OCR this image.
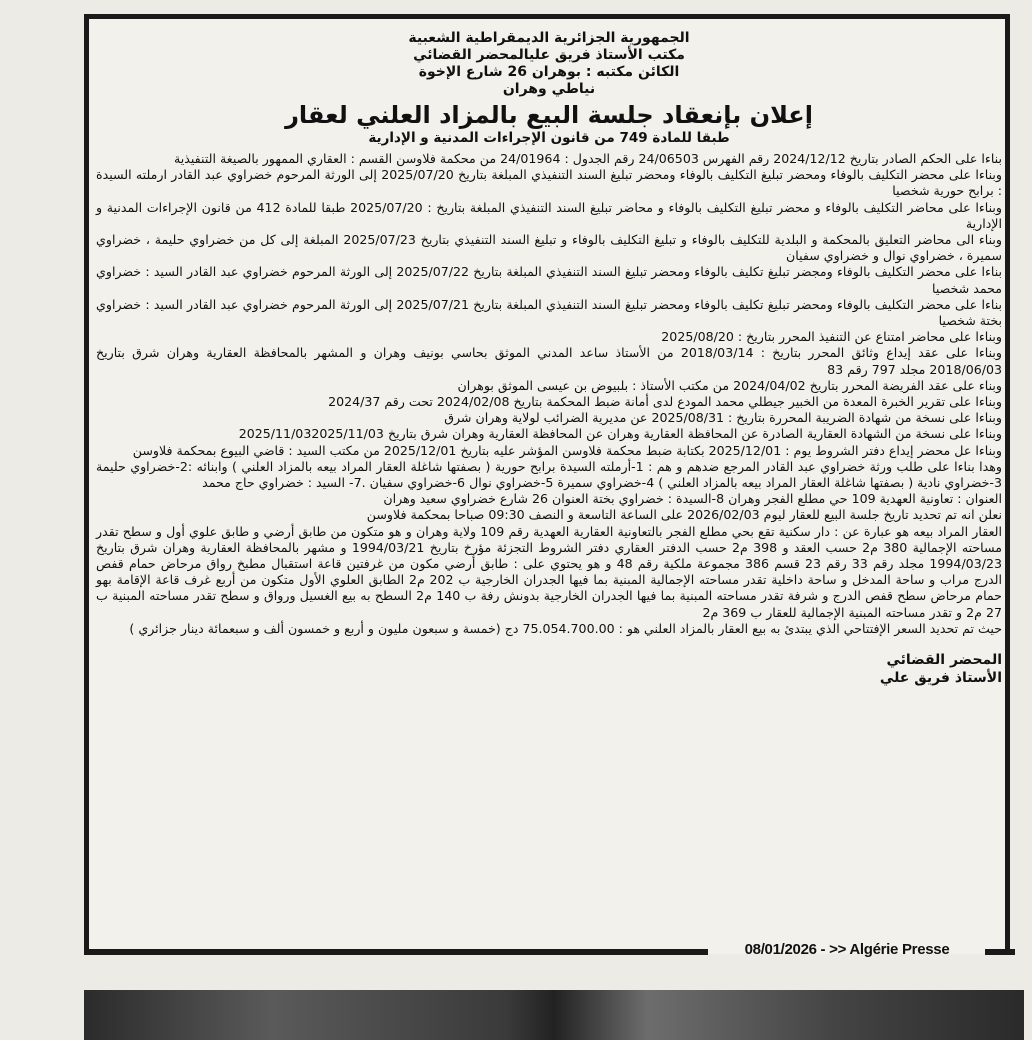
08/01/2026 - >> Algérie Presse
الجمهورية الجزائرية الديمقراطية الشعبية
مكتب الأستاذ فريق عليالمحضر القضائي
الكائن مكتبه : بوهران 26 شارع الإخوة
نياطي وهران
إعلان بإنعقاد جلسة البيع بالمزاد العلني لعقار
طبقا للمادة 749 من قانون الإجراءات المدنية و الإدارية

بناءا على الحكم الصادر بتاريخ 2024/12/12 رقم الفهرس 24/06503 رقم الجدول : 24/01964 من محكمة فلاوسن القسم : العقاري الممهور بالصيغة التنفيذية

وبناءا على محضر التكليف بالوفاء ومحضر تبليغ التكليف بالوفاء ومحضر تبليغ السند التنفيذي المبلغة بتاريخ 2025/07/20 إلى الورثة المرحوم خضراوي عبد القادر ارملته السيدة : برابح حورية شخصيا

وبناءا على محاضر التكليف بالوفاء و محضر تبليغ التكليف بالوفاء و محاضر تبليغ السند التنفيذي المبلغة بتاريخ : 2025/07/20 طبقا للمادة 412 من قانون الإجراءات المدنية و الإدارية

وبناء الى محاضر التعليق بالمحكمة و البلدية للتكليف بالوفاء و تبليغ التكليف بالوفاء و تبليغ السند التنفيذي بتاريخ 2025/07/23 المبلغة إلى كل من خضراوي حليمة ، خضراوي سميرة ، خضراوي نوال و خضراوي سفيان

بناءا على محضر التكليف بالوفاء ومجضر تبليغ تكليف بالوفاء ومحضر تبليغ السند التنفيذي المبلغة بتاريخ 2025/07/22 إلى الورثة المرحوم خضراوي عبد القادر السيد : خضراوي محمد شخصيا

بناءا على محضر التكليف بالوفاء ومحضر تبليغ تكليف بالوفاء ومحضر تبليغ السند التنفيذي المبلغة بتاريخ 2025/07/21 إلى الورثة المرحوم خضراوي عبد القادر السيد : خضراوي بختة شخصيا

وبناءا على محاضر امتناع عن التنفيذ المحرر بتاريخ : 2025/08/20

وبناءا على عقد إيداع وثائق المحرر بتاريخ : 2018/03/14 من الأستاذ ساعد المدني الموثق بحاسي بونيف وهران و المشهر بالمحافظة العقارية وهران شرق بتاريخ 2018/06/03 مجلد 797 رقم 83

وبناء على عقد الفريضة المحرر بتاريخ 2024/04/02 من مكتب الأستاذ : بلبيوض بن عيسى الموثق بوهران

وبناءا على تقرير الخبرة المعدة من الخبير جيطلي محمد المودع لدى أمانة ضبط المحكمة بتاريخ 2024/02/08 تحت رقم 2024/37

وبناءا على نسخة من شهادة الضريبة المحررة بتاريخ : 2025/08/31 عن مديرية الضرائب لولاية وهران شرق

وبناءا على نسخة من الشهادة العقارية الصادرة عن المحافظة العقارية وهران عن المحافظة العقارية وهران شرق بتاريخ 2025/11/032025/11/03

وبناءا عل محضر إيداع دفتر الشروط يوم : 2025/12/01 بكتابة ضبط محكمة فلاوسن المؤشر عليه بتاريخ 2025/12/01 من مكتب السيد : قاضي البيوع بمحكمة فلاوسن

وهدا بناءا على طلب ورثة خضراوي عبد القادر المرجع ضدهم و هم : 1-أرملته السيدة برابح حورية ( بصفتها شاغلة العقار المراد بيعه بالمزاد العلني ) وابنائه :2-خضراوي حليمة 3-خضراوي نادية ( بصفتها شاغلة العقار المراد بيعه بالمزاد العلني ) 4-خضراوي سميرة 5-خضراوي نوال 6-خضراوي سفيان .7- السيد : خضراوي حاج محمد

العنوان : تعاونية العهدية 109 حي مطلع الفجر وهران 8-السيدة : خضراوي بختة العنوان 26 شارع خضراوي سعيد وهران

نعلن انه تم تحديد تاريخ جلسة البيع للعقار ليوم 2026/02/03 على الساعة التاسعة و النصف 09:30 صباحا بمحكمة فلاوسن

العقار المراد بيعه هو عبارة عن : دار سكنية تقع بحي مطلع الفجر بالتعاونية العقارية العهدية رقم 109 ولاية وهران و هو متكون من طابق أرضي و طابق علوي أول و سطح تقدر مساحته الإجمالية 380 م2 حسب العقد و 398 م2 حسب الدفتر العقاري دفتر الشروط التجزئة مؤرخ بتاريخ 1994/03/21 و مشهر بالمحافظة العقارية وهران شرق بتاريخ 1994/03/23 مجلد رقم 33 رقم 23 قسم 386 مجموعة ملكية رقم 48 و هو يحتوي على : طابق أرضي مكون من غرفتين قاعة استقبال مطبخ رواق مرحاض حمام قفص الدرج مراب و ساحة المدخل و ساحة داخلية تقدر مساحته الإجمالية المبنية بما فيها الجدران الخارجية ب 202 م2 الطابق العلوي الأول متكون من أربع غرف قاعة الإقامة بهو حمام مرحاض سطح قفص الدرج و شرفة تقدر مساحته المبنية بما فيها الجدران الخارجية بدونش رفة ب 140 م2 السطح به بيع الغسيل ورواق و سطح تقدر مساحته المبنية ب 27 م2 و تقدر مساحته المبنية الإجمالية للعقار ب 369 م2

حيث تم تحديد السعر الإفتتاحي الذي يبتدئ به بيع العقار بالمزاد العلني هو : 75.054.700.00 دج (خمسة و سبعون مليون و أربع و خمسون ألف و سبعمائة دينار جزائري )

المحضر القضائي
الأستاذ فريق علي
